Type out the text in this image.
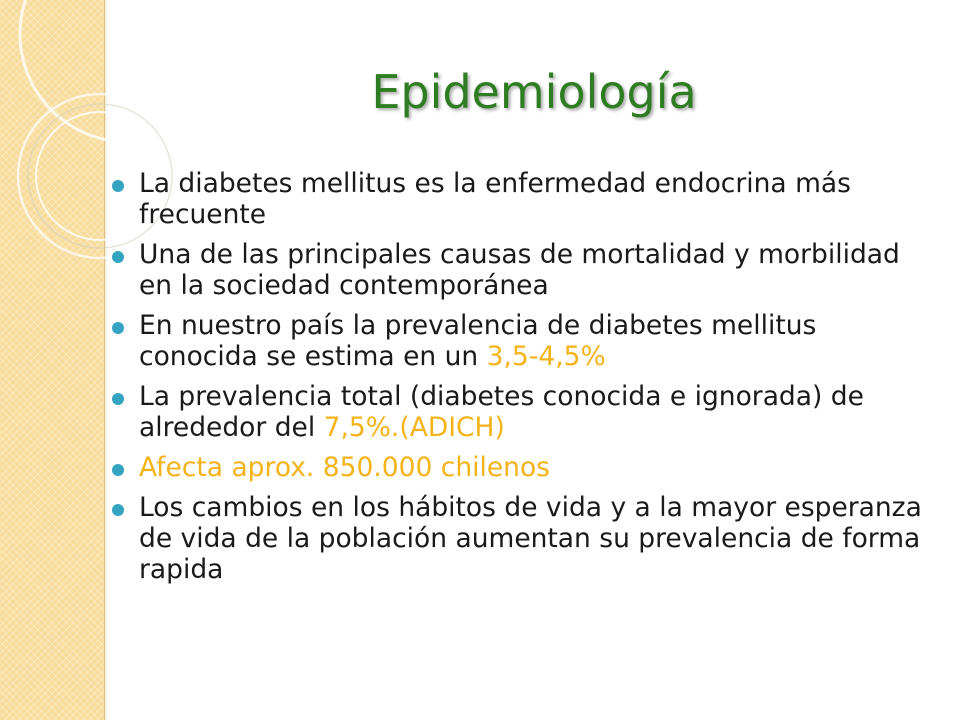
Epidemiología
La diabetes mellitus es la enfermedad endocrina más frecuente
Una de las principales causas de mortalidad y morbilidad en la sociedad contemporánea
En nuestro país la prevalencia de diabetes mellitus conocida se estima en un 3,5-4,5%
La prevalencia total (diabetes conocida e ignorada) de alrededor del 7,5%.(ADICH)
Afecta aprox. 850.000 chilenos
Los cambios en los hábitos de vida y a la mayor esperanza de vida de la población aumentan su prevalencia de forma rapida
